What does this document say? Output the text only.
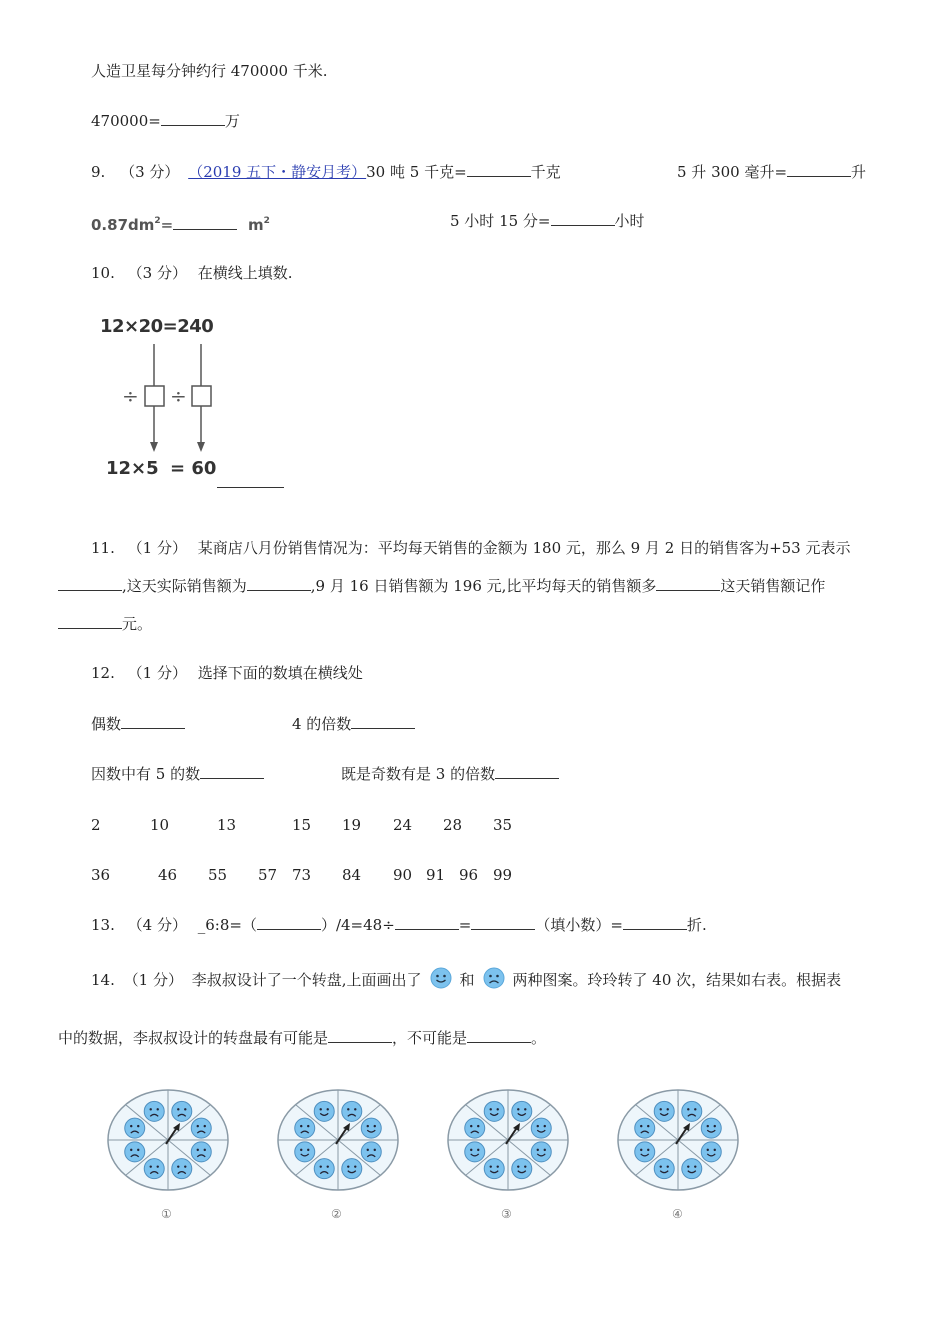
人造卫星每分钟约行 470000 千米.
470000=	万
9. （3 分） （2019 五下・静安月考）30 吨 5 千克=	千克	5 升 300 毫升=	升
$0.87dm^2=$	$m^2$	5 小时 15 分=	小时
10. （3 分） 在横线上填数.
12×20=240
÷ ÷
12×5 = 60
11. （1 分） 某商店八月份销售情况为：平均每天销售的金额为 180 元，那么 9 月 2 日的销售客为+53 元表示
,这天实际销售额为	,9 月 16 日销售额为 196 元,比平均每天的销售额多	这天销售额记作
元。
12. （1 分） 选择下面的数填在横线处
偶数	4 的倍数
因数中有 5 的数	既是奇数有是 3 的倍数
2	10	13	15 19 24 28 35
36	46 55 57 73 84 90 91 96 99
13. （4 分） _6:8=（	）/4=48÷	=	（填小数）=	折.
14. （1 分） 李叔叔设计了一个转盘,上面画出了	和	两种图案。玲玲转了 40 次，结果如右表。根据表
中的数据，李叔叔设计的转盘最有可能是	，不可能是	。
①	②	③	④
